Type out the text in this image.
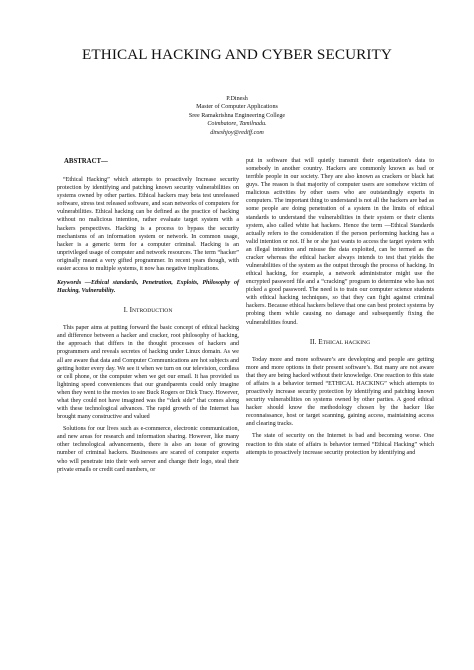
ETHICAL HACKING AND CYBER SECURITY
P.Dinesh
Master of Computer Applications
Sree Ramakrishna Engineering College
Coimbatore, Tamilnadu.
dineshjoy@rediff.com

ABSTRACT—

“Ethical Hacking” which attempts to proactively Increase security protection by identifying and patching known security vulnerabilities on systems owned by other parties. Ethical hackers may beta test unreleased software, stress test released software, and scan networks of computers for vulnerabilities. Ethical hacking can be defined as the practice of hacking without no malicious intention, rather evaluate target system with a hackers perspectives. Hacking is a process to bypass the security mechanisms of an information system or network. In common usage, hacker is a generic term for a computer criminal. Hacking is an unprivileged usage of computer and network resources. The term “hacker” originally meant a very gifted programmer. In recent years though, with easier access to multiple systems, it now has negative implications.

Keywords —Ethical standards, Penetration, Exploits, Philosophy of Hacking, Vulnerability.

I. INTRODUCTION

This paper aims at putting forward the basic concept of ethical hacking and difference between a hacker and cracker, root philosophy of hacking, the approach that differs in the thought processes of hackers and programmers and reveals secretes of hacking under Linux domain. As we all are aware that data and Computer Communications are hot subjects and getting hotter every day. We see it when we turn on our television, cordless or cell phone, or the computer when we get our email. It has provided us lightning speed conveniences that our grandparents could only imagine when they went to the movies to see Buck Rogers or Dick Tracy. However, what they could not have imagined was the “dark side” that comes along with these technological advances. The rapid growth of the Internet has brought many constructive and valued

Solutions for our lives such as e-commerce, electronic communication, and new areas for research and information sharing. However, like many other technological advancements, there is also an issue of growing number of criminal hackers. Businesses are scared of computer experts who will penetrate into their web server and change their logo, steal their private emails or credit card numbers, or

put in software that will quietly transmit their organization's data to somebody in another country. Hackers are commonly known as bad or terrible people in our society. They are also known as crackers or black hat guys. The reason is that majority of computer users are somehow victim of malicious activities by other users who are outstandingly experts in computers. The important thing to understand is not all the hackers are bad as some people are doing penetration of a system in the limits of ethical standards to understand the vulnerabilities in their system or their clients system, also called white hat hackers. Hence the term —Ethical Standards actually refers to the consideration if the person performing hacking has a valid intention or not. If he or she just wants to access the target system with an illegal intention and misuse the data exploited, can be termed as the cracker whereas the ethical hacker always intends to test that yields the vulnerabilities of the system as the output through the process of hacking. In ethical hacking, for example, a network administrator might use the encrypted password file and a “cracking” program to determine who has not picked a good password. The need is to train our computer science students with ethical hacking techniques, so that they can fight against criminal hackers. Because ethical hackers believe that one can best protect systems by probing them while causing no damage and subsequently fixing the vulnerabilities found.

II. ETHICAL HACKING

Today more and more software’s are developing and people are getting more and more options in their present software’s. But many are not aware that they are being hacked without their knowledge. One reaction to this state of affairs is a behavior termed “ETHICAL HACKING” which attempts to proactively increase security protection by identifying and patching known security vulnerabilities on systems owned by other parties. A good ethical hacker should know the methodology chosen by the hacker like reconnaissance, host or target scanning, gaining access, maintaining access and clearing tracks.

The state of security on the Internet is bad and becoming worse. One reaction to this state of affairs is behavior termed “Ethical Hacking” which attempts to proactively increase security protection by identifying and
